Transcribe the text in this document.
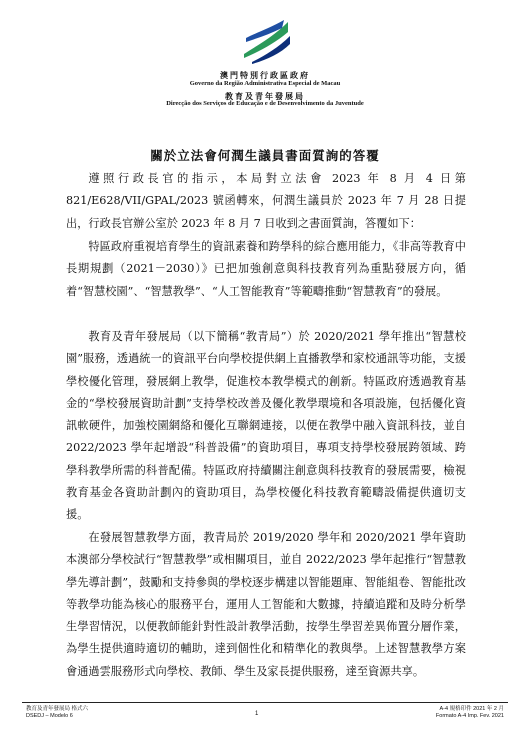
澳門特別行政區政府
Governo da Região Administrativa Especial de Macau
教育及青年發展局
Direcção dos Serviços de Educação e de Desenvolvimento da Juventude
關於立法會何潤生議員書面質詢的答覆

遵照行政長官的指示，本局對立法會 2023 年 8 月 4 日第 821/E628/VII/GPAL/2023 號函轉來，何潤生議員於 2023 年 7 月 28 日提出，行政長官辦公室於 2023 年 8 月 7 日收到之書面質詢，答覆如下：

特區政府重視培育學生的資訊素養和跨學科的綜合應用能力，《非高等教育中長期規劃（2021－2030）》已把加強創意與科技教育列為重點發展方向，循着“智慧校園”、“智慧教學”、“人工智能教育”等範疇推動“智慧教育”的發展。

教育及青年發展局（以下簡稱“教青局”）於 2020/2021 學年推出“智慧校園”服務，透過統一的資訊平台向學校提供網上直播教學和家校通訊等功能，支援學校優化管理，發展網上教學，促進校本教學模式的創新。特區政府透過教育基金的“學校發展資助計劃”支持學校改善及優化教學環境和各項設施，包括優化資訊軟硬件，加強校園網絡和優化互聯網連接，以便在教學中融入資訊科技，並自 2022/2023 學年起增設“科普設備”的資助項目，專項支持學校發展跨領域、跨學科教學所需的科普配備。特區政府持續關注創意與科技教育的發展需要，檢視教育基金各資助計劃內的資助項目，為學校優化科技教育範疇設備提供適切支援。

在發展智慧教學方面，教青局於 2019/2020 學年和 2020/2021 學年資助本澳部分學校試行“智慧教學”或相關項目，並自 2022/2023 學年起推行“智慧教學先導計劃”，鼓勵和支持參與的學校逐步構建以智能題庫、智能組卷、智能批改等教學功能為核心的服務平台，運用人工智能和大數據，持續追蹤和及時分析學生學習情況，以便教師能針對性設計教學活動，按學生學習差異佈置分層作業，為學生提供適時適切的輔助，達到個性化和精準化的教與學。上述智慧教學方案會通過雲服務形式向學校、教師、學生及家長提供服務，達至資源共享。

教育及青年發展局 格式六
DSEDJ – Modelo 6	1
A-4 規格印件 2021 年 2 月
Formato A-4 Imp. Fev. 2021
